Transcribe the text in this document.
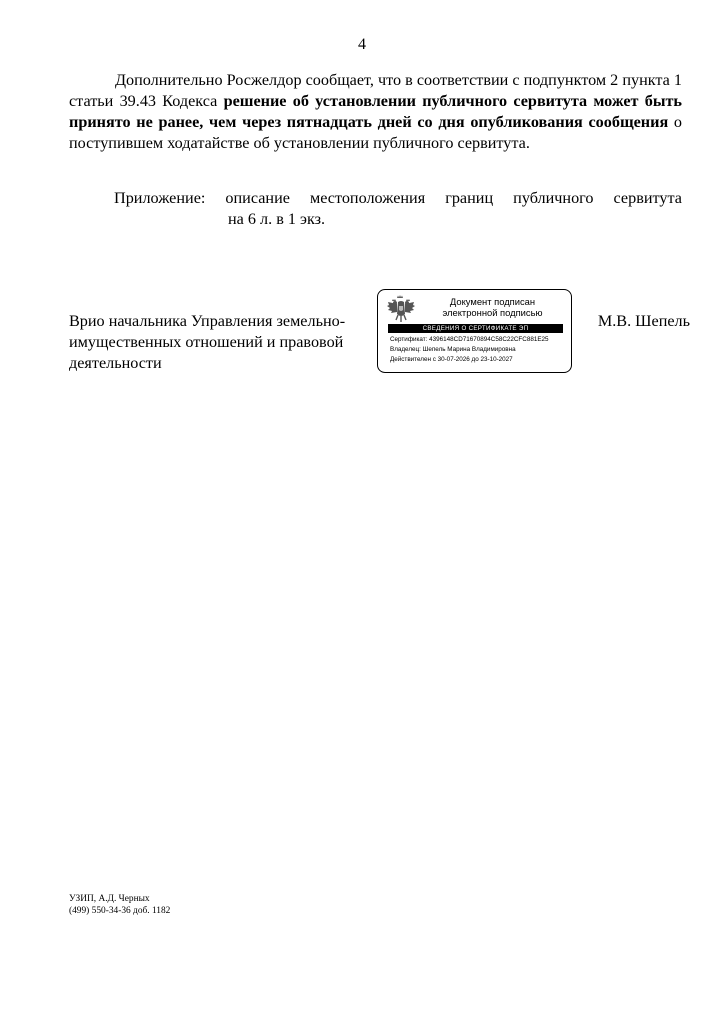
4

Дополнительно Росжелдор сообщает, что в соответствии с подпунктом 2 пункта 1 статьи 39.43 Кодекса решение об установлении публичного сервитута может быть принято не ранее, чем через пятнадцать дней со дня опубликования сообщения о поступившем ходатайстве об установлении публичного сервитута.

Приложение: описание местоположения границ публичного сервитута
на 6 л. в 1 экз.
Врио начальника Управления земельно-
имущественных отношений и правовой
деятельности
Документ подписан
электронной подписью
СВЕДЕНИЯ О СЕРТИФИКАТЕ ЭП
Сертификат: 4396148CD71670894C58C22CFC881E25
Владелец: Шепель Марина Владимировна
Действителен с 30-07-2026 до 23-10-2027
М.В. Шепель
УЗИП, А.Д. Черных
(499) 550-34-36 доб. 1182
